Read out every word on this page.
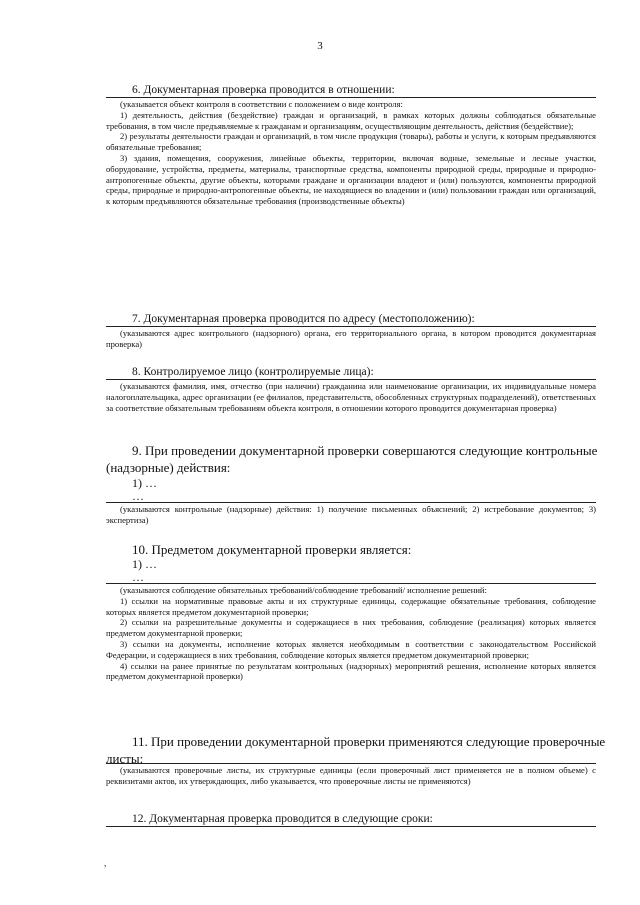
3
6. Документарная проверка проводится в отношении:

(указывается объект контроля в соответствии с положением о виде контроля:

1) деятельность, действия (бездействие) граждан и организаций, в рамках которых должны соблюдаться обязательные требования, в том числе предъявляемые к гражданам и организациям, осуществляющим деятельность, действия (бездействие);

2) результаты деятельности граждан и организаций, в том числе продукция (товары), работы и услуги, к которым предъявляются обязательные требования;

3) здания, помещения, сооружения, линейные объекты, территории, включая водные, земельные и лесные участки, оборудование, устройства, предметы, материалы, транспортные средства, компоненты природной среды, природные и природно-антропогенные объекты, другие объекты, которыми граждане и организации владеют и (или) пользуются, компоненты природной среды, природные и природно-антропогенные объекты, не находящиеся во владении и (или) пользовании граждан или организаций, к которым предъявляются обязательные требования (производственные объекты)

7. Документарная проверка проводится по адресу (местоположению):

(указываются адрес контрольного (надзорного) органа, его территориального органа, в котором проводится документарная проверка)

8. Контролируемое лицо (контролируемые лица):

(указываются фамилия, имя, отчество (при наличии) гражданина или наименование организации, их индивидуальные номера налогоплательщика, адрес организации (ее филиалов, представительств, обособленных структурных подразделений), ответственных за соответствие обязательным требованиям объекта контроля, в отношении которого проводится документарная проверка)

9. При проведении документарной проверки совершаются следующие контрольные
(надзорные) действия:
1) …
…

(указываются контрольные (надзорные) действия: 1) получение письменных объяснений; 2) истребование документов; 3) экспертиза)

10. Предметом документарной проверки является:
1) …
…

(указываются соблюдение обязательных требований/соблюдение требований/ исполнение решений:

1) ссылки на нормативные правовые акты и их структурные единицы, содержащие обязательные требования, соблюдение которых является предметом документарной проверки;

2) ссылки на разрешительные документы и содержащиеся в них требования, соблюдение (реализация) которых является предметом документарной проверки;

3) ссылки на документы, исполнение которых является необходимым в соответствии с законодательством Российской Федерации, и содержащиеся в них требования, соблюдение которых является предметом документарной проверки;

4) ссылки на ранее принятые по результатам контрольных (надзорных) мероприятий решения, исполнение которых является предметом документарной проверки)

11. При проведении документарной проверки применяются следующие проверочные
листы:

(указываются проверочные листы, их структурные единицы (если проверочный лист применяется не в полном объеме) с реквизитами актов, их утверждающих, либо указывается, что проверочные листы не применяются)

12. Документарная проверка проводится в следующие сроки:
,
